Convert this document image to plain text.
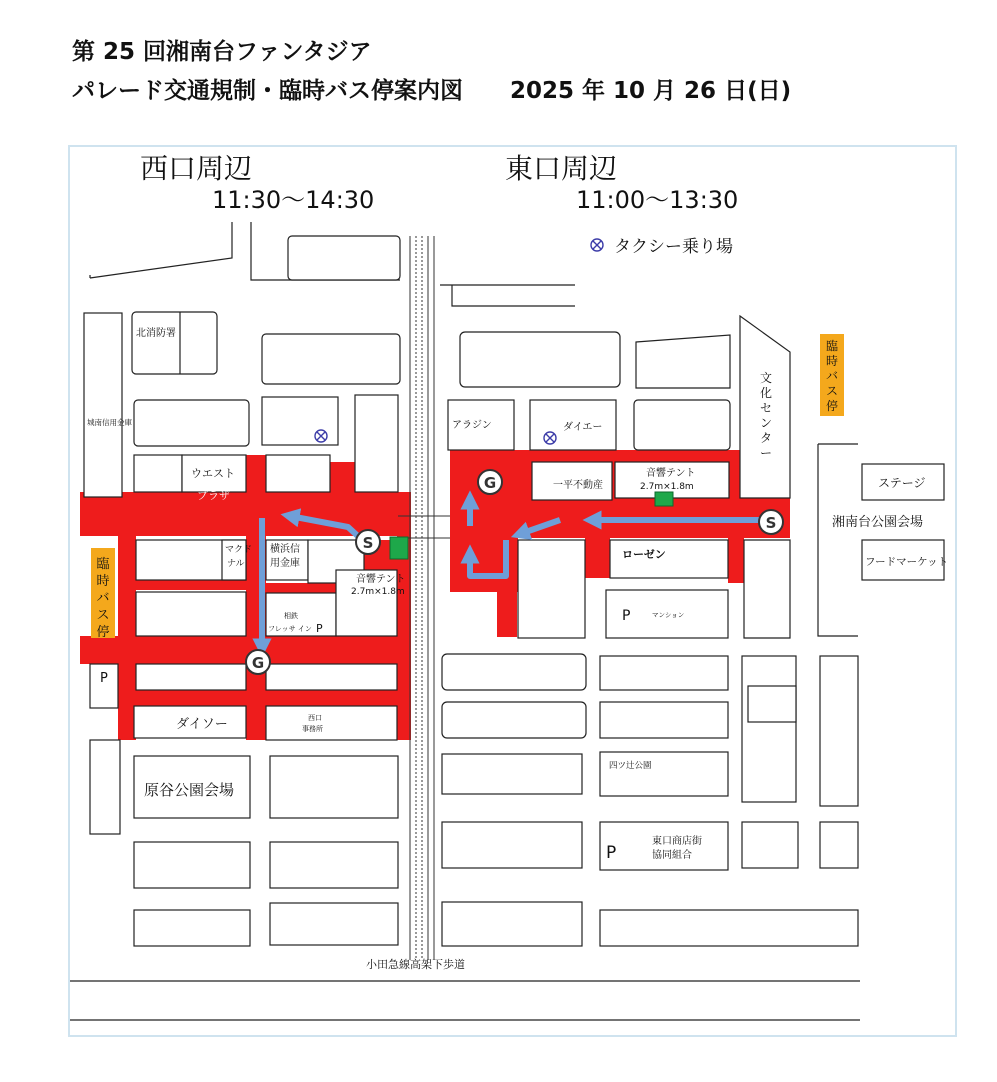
第 25 回湘南台ファンタジア
パレード交通規制・臨時バス停案内図 2025 年 10 月 26 日(日)
S
G
S
G
西口周辺
11:30～14:30
東口周辺
11:00～13:30
タクシー乗り場
北消防署
城南信用金庫
ウエスト
プラザ
マクド
ナル
横浜信
用金庫
相鉄
フレッサ イン P
音響テント
2.7m×1.8m
P
ダイソー	西口
事務所
原谷公園会場
アラジン	ダイエー
一平不動産
音響テント
2.7m×1.8m
ローゼン
P	マンション
四ツ辻公園
P
東口商店街
協同組合
ステージ
湘南台公園会場
フードマーケット
小田急線高架下歩道
臨
時
バ
ス
停
臨
時
バ
ス
停
文
化
セ
ン
タ
ー
